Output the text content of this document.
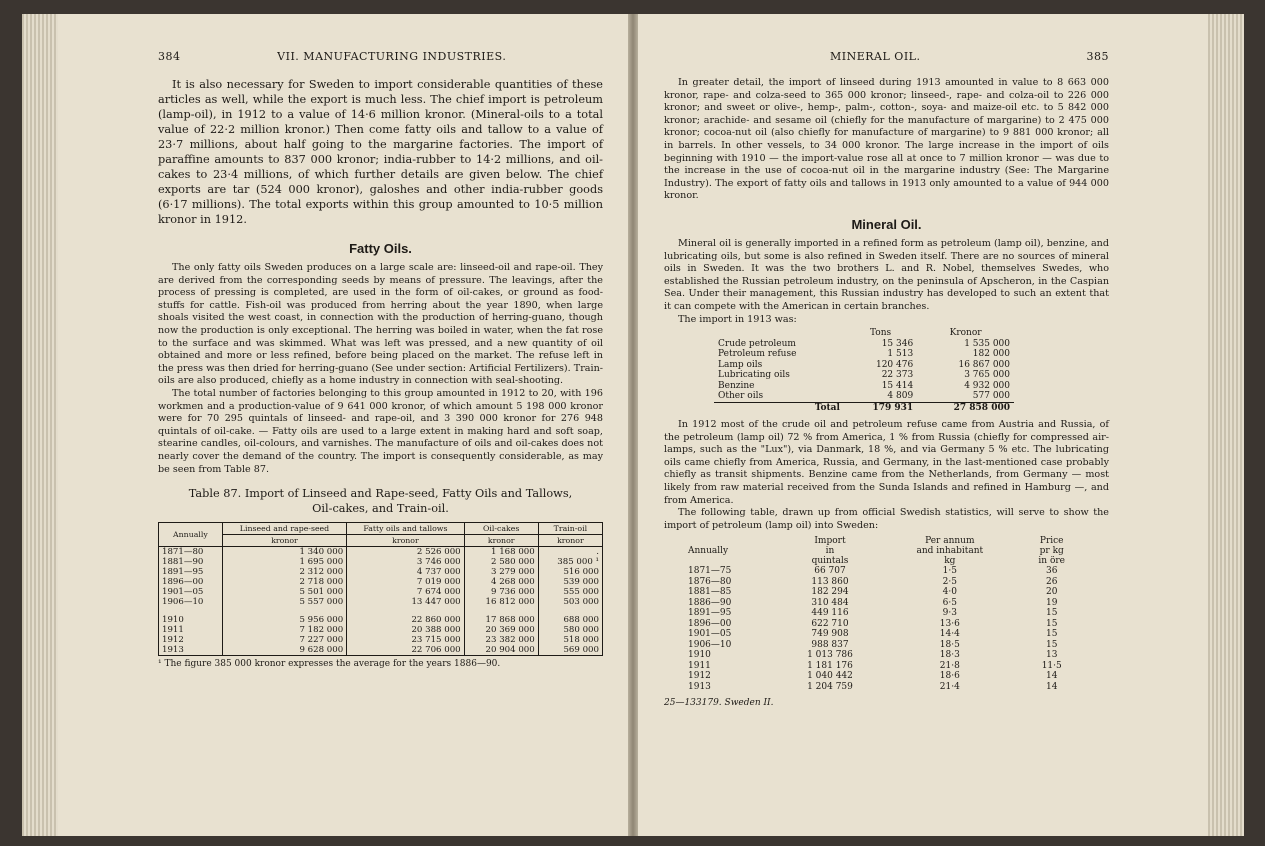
384	VII. MANUFACTURING INDUSTRIES.

It is also necessary for Sweden to import considerable quantities of these articles as well, while the export is much less. The chief import is petroleum (lamp-oil), in 1912 to a value of 14·6 million kronor. (Mineral-oils to a total value of 22·2 million kronor.) Then come fatty oils and tallow to a value of 23·7 millions, about half going to the margarine factories. The import of paraffine amounts to 837 000 kronor; india-rubber to 14·2 millions, and oil-cakes to 23·4 millions, of which further details are given below. The chief exports are tar (524 000 kronor), galoshes and other india-rubber goods (6·17 millions). The total exports within this group amounted to 10·5 million kronor in 1912.

Fatty Oils.

The only fatty oils Sweden produces on a large scale are: linseed-oil and rape-oil. They are derived from the corresponding seeds by means of pressure. The leavings, after the process of pressing is completed, are used in the form of oil-cakes, or ground as food-stuffs for cattle. Fish-oil was produced from herring about the year 1890, when large shoals visited the west coast, in connection with the production of herring-guano, though now the production is only exceptional. The herring was boiled in water, when the fat rose to the surface and was skimmed. What was left was pressed, and a new quantity of oil obtained and more or less refined, before being placed on the market. The refuse left in the press was then dried for herring-guano (See under section: Artificial Fertilizers). Train-oils are also produced, chiefly as a home industry in connection with seal-shooting.

The total number of factories belonging to this group amounted in 1912 to 20, with 196 workmen and a production-value of 9 641 000 kronor, of which amount 5 198 000 kronor were for 70 295 quintals of linseed- and rape-oil, and 3 390 000 kronor for 276 948 quintals of oil-cake. — Fatty oils are used to a large extent in making hard and soft soap, stearine candles, oil-colours, and varnishes. The manufacture of oils and oil-cakes does not nearly cover the demand of the country. The import is consequently considerable, as may be seen from Table 87.

Table 87. Import of Linseed and Rape-seed, Fatty Oils and Tallows,
Oil-cakes, and Train-oil.
Annually	Linseed and rape-seed	Fatty oils and tallows	Oil-cakes	Train-oil
	kronor	kronor	kronor	kronor
1871—80	1 340 000	2 526 000	1 168 000	.
1881—90	1 695 000	3 746 000	2 580 000	385 000 ¹
1891—95	2 312 000	4 737 000	3 279 000	516 000
1896—00	2 718 000	7 019 000	4 268 000	539 000
1901—05	5 501 000	7 674 000	9 736 000	555 000
1906—10	5 557 000	13 447 000	16 812 000	503 000

1910	5 956 000	22 860 000	17 868 000	688 000
1911	7 182 000	20 388 000	20 369 000	580 000
1912	7 227 000	23 715 000	23 382 000	518 000
1913	9 628 000	22 706 000	20 904 000	569 000
¹ The figure 385 000 kronor expresses the average for the years 1886—90.
MINERAL OIL.	385

In greater detail, the import of linseed during 1913 amounted in value to 8 663 000 kronor, rape- and colza-seed to 365 000 kronor; linseed-, rape- and colza-oil to 226 000 kronor; and sweet or olive-, hemp-, palm-, cotton-, soya- and maize-oil etc. to 5 842 000 kronor; arachide- and sesame oil (chiefly for the manufacture of margarine) to 2 475 000 kronor; cocoa-nut oil (also chiefly for manufacture of margarine) to 9 881 000 kronor; all in barrels. In other vessels, to 34 000 kronor. The large increase in the import of oils beginning with 1910 — the import-value rose all at once to 7 million kronor — was due to the increase in the use of cocoa-nut oil in the margarine industry (See: The Margarine Industry). The export of fatty oils and tallows in 1913 only amounted to a value of 944 000 kronor.

Mineral Oil.

Mineral oil is generally imported in a refined form as petroleum (lamp oil), benzine, and lubricating oils, but some is also refined in Sweden itself. There are no sources of mineral oils in Sweden. It was the two brothers L. and R. Nobel, themselves Swedes, who established the Russian petroleum industry, on the peninsula of Apscheron, in the Caspian Sea. Under their management, this Russian industry has developed to such an extent that it can compete with the American in certain branches.

The import in 1913 was:

	Tons	Kronor
Crude petroleum	15 346	1 535 000
Petroleum refuse	1 513	182 000
Lamp oils	120 476	16 867 000
Lubricating oils	22 373	3 765 000
Benzine	15 414	4 932 000
Other oils	4 809	577 000
Total	179 931	27 858 000

In 1912 most of the crude oil and petroleum refuse came from Austria and Russia, of the petroleum (lamp oil) 72 % from America, 1 % from Russia (chiefly for compressed air-lamps, such as the "Lux"), via Danmark, 18 %, and via Germany 5 % etc. The lubricating oils came chiefly from America, Russia, and Germany, in the last-mentioned case probably chiefly as transit shipments. Benzine came from the Netherlands, from Germany — most likely from raw material received from the Sunda Islands and refined in Hamburg —, and from America.

The following table, drawn up from official Swedish statistics, will serve to show the import of petroleum (lamp oil) into Sweden:

Annually	Import	Per annum	Price
	in	and inhabitant	pr kg
	quintals	kg	in öre
1871—75	66 707	1·5	36
1876—80	113 860	2·5	26
1881—85	182 294	4·0	20
1886—90	310 484	6·5	19
1891—95	449 116	9·3	15
1896—00	622 710	13·6	15
1901—05	749 908	14·4	15
1906—10	988 837	18·5	15

1910	1 013 786	18·3	13
1911	1 181 176	21·8	11·5
1912	1 040 442	18·6	14
1913	1 204 759	21·4	14
25—133179. Sweden II.
